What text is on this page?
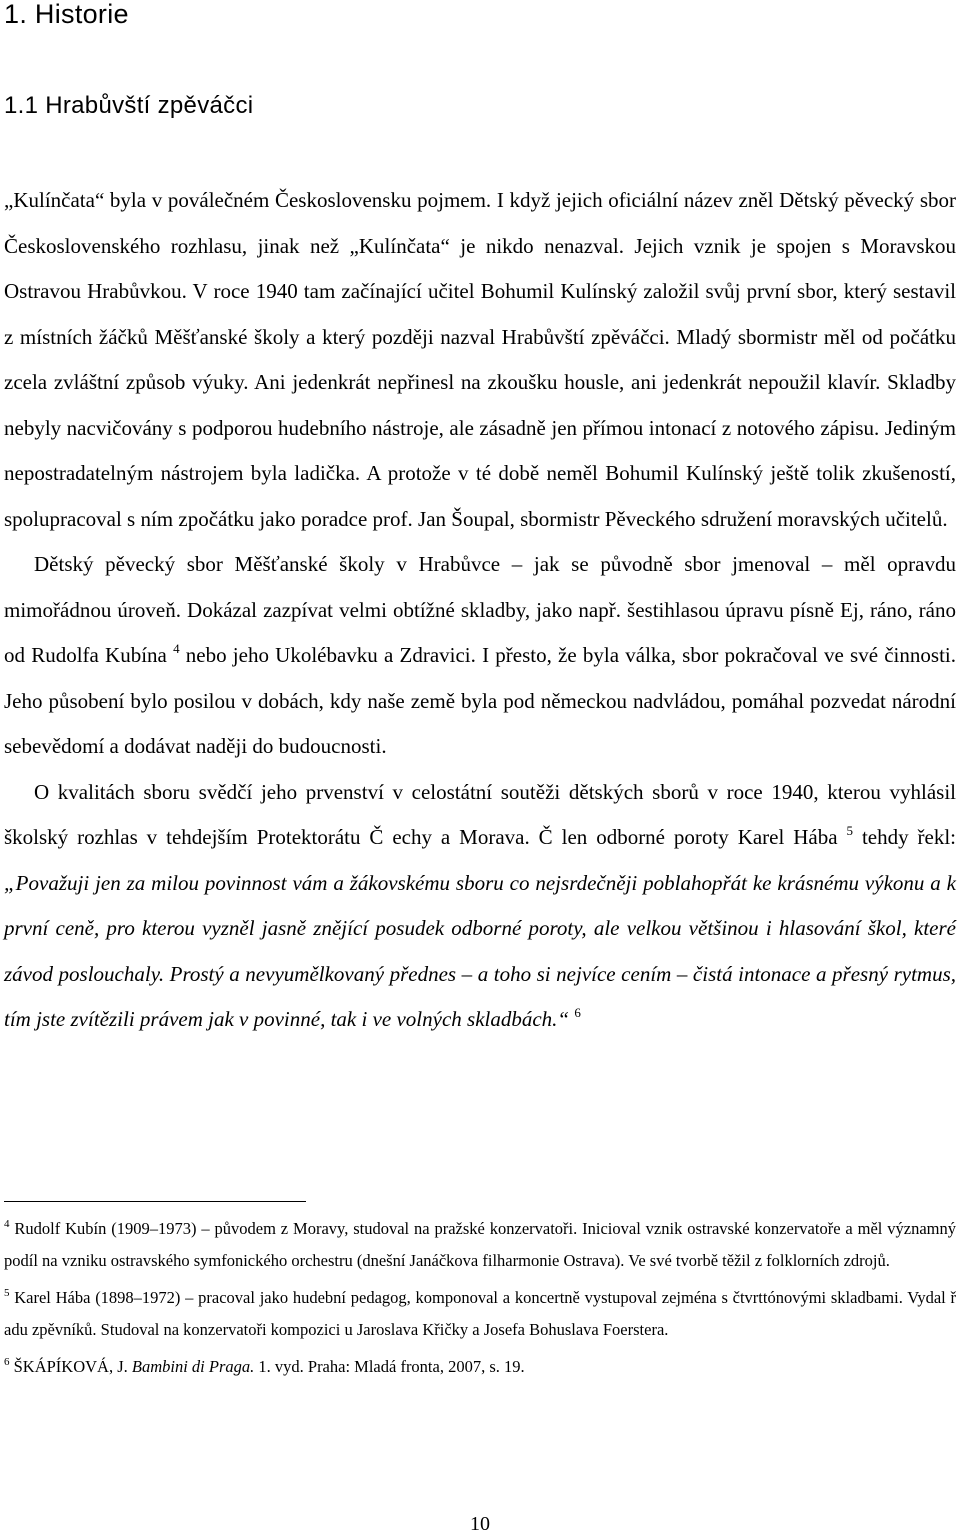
1. Historie
1.1 Hrabůvští zpěváčci

„Kulínčata“ byla v poválečném Československu pojmem. I když jejich oficiální název zněl Dětský pěvecký sbor Československého rozhlasu, jinak než „Kulínčata“ je nikdo nenazval. Jejich vznik je spojen s Moravskou Ostravou Hrabůvkou. V roce 1940 tam začínající učitel Bohumil Kulínský založil svůj první sbor, který sestavil z místních žáčků Měšťanské školy a který později nazval Hrabůvští zpěváčci. Mladý sbormistr měl od počátku zcela zvláštní způsob výuky. Ani jedenkrát nepřinesl na zkoušku housle, ani jedenkrát nepoužil klavír. Skladby nebyly nacvičovány s podporou hudebního nástroje, ale zásadně jen přímou intonací z notového zápisu. Jediným nepostradatelným nástrojem byla ladička. A protože v té době neměl Bohumil Kulínský ještě tolik zkušeností, spolupracoval s ním zpočátku jako poradce prof. Jan Šoupal, sbormistr Pěveckého sdružení moravských učitelů.

Dětský pěvecký sbor Měšťanské školy v Hrabůvce – jak se původně sbor jmenoval – měl opravdu mimořádnou úroveň. Dokázal zazpívat velmi obtížné skladby, jako např. šestihlasou úpravu písně Ej, ráno, ráno od Rudolfa Kubína $^4$ nebo jeho Ukolébavku a Zdravici. I přesto, že byla válka, sbor pokračoval ve své činnosti. Jeho působení bylo posilou v dobách, kdy naše země byla pod německou nadvládou, pomáhal pozvedat národní sebevědomí a dodávat naději do budoucnosti.

O kvalitách sboru svědčí jeho prvenství v celostátní soutěži dětských sborů v roce 1940, kterou vyhlásil školský rozhlas v tehdejším Protektorátu Č echy a Morava. Č len odborné poroty Karel Hába $^5$ tehdy řekl: „Považuji jen za milou povinnost vám a žákovskému sboru co nejsrdečněji poblahopřát ke krásnému výkonu a k první ceně, pro kterou vyzněl jasně znějící posudek odborné poroty, ale velkou většinou i hlasování škol, které závod poslouchaly. Prostý a nevyumělkovaný přednes – a toho si nejvíce cením – čistá intonace a přesný rytmus, tím jste zvítězili právem jak v povinné, tak i ve volných skladbách.“ $^6$

$^4$ Rudolf Kubín (1909–1973) – původem z Moravy, studoval na pražské konzervatoři. Inicioval vznik ostravské konzervatoře a měl významný podíl na vzniku ostravského symfonického orchestru (dnešní Janáčkova filharmonie Ostrava). Ve své tvorbě těžil z folklorních zdrojů.

$^5$ Karel Hába (1898–1972) – pracoval jako hudební pedagog, komponoval a koncertně vystupoval zejména s čtvrttónovými skladbami. Vydal ř adu zpěvníků. Studoval na konzervatoři kompozici u Jaroslava Křičky a Josefa Bohuslava Foerstera.

$^6$ ŠKÁPÍKOVÁ, J. Bambini di Praga. 1. vyd. Praha: Mladá fronta, 2007, s. 19.

10
